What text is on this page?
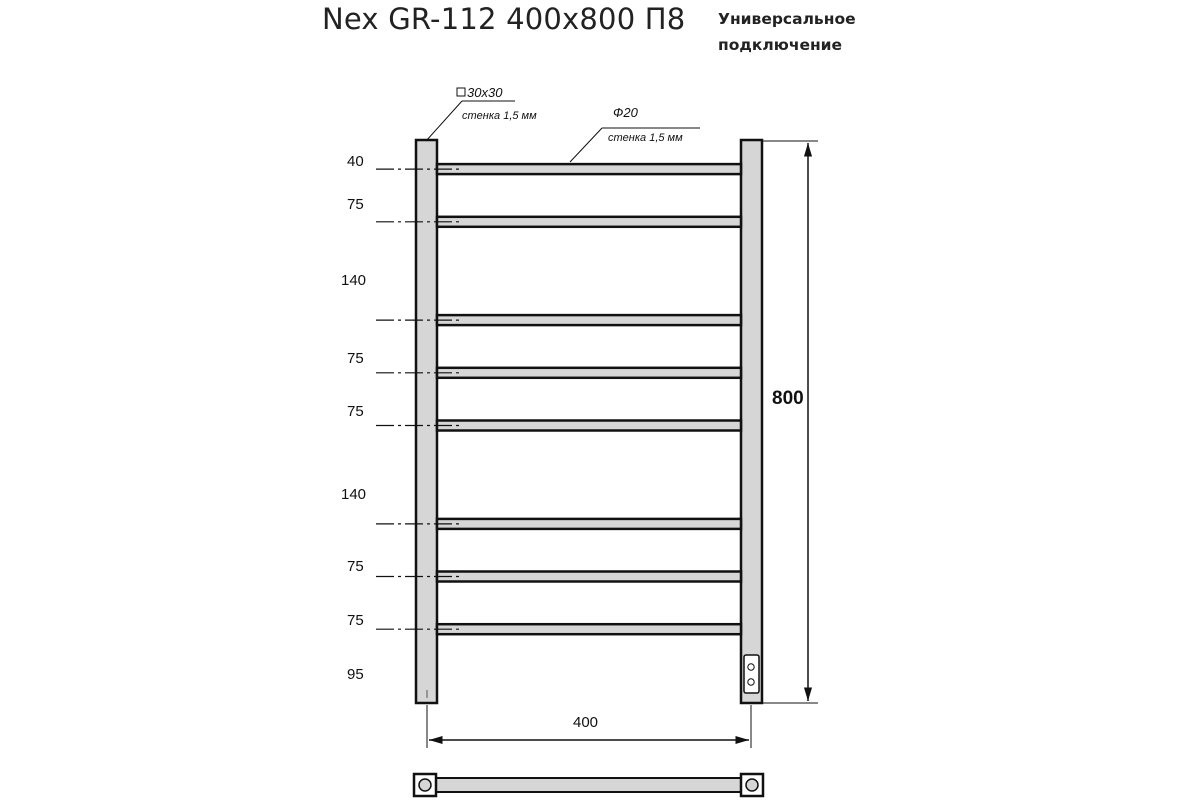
Nex GR-112 400x800 П8 Универсальное
подключение
40
75
140
75
75
140
75
75
95
800
400
30x30
стенка 1,5 мм	Ф20
стенка 1,5 мм
